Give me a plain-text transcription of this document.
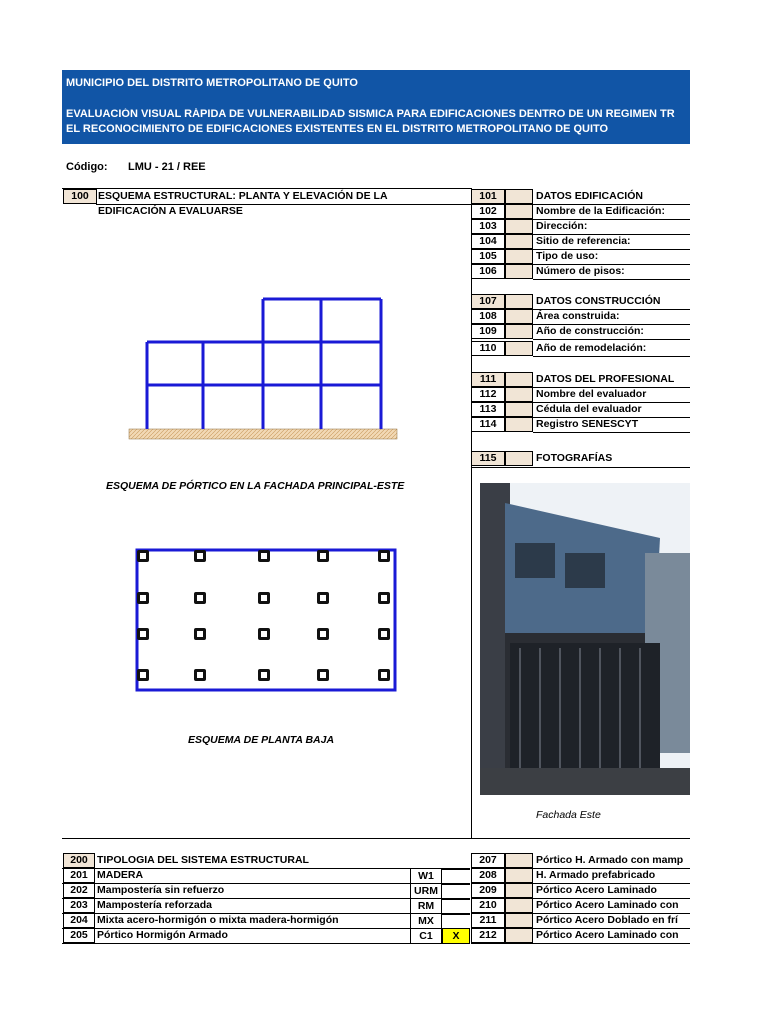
MUNICIPIO DEL DISTRITO METROPOLITANO DE QUITO
EVALUACIÓN VISUAL RÁPIDA DE VULNERABILIDAD SISMICA PARA EDIFICACIONES DENTRO DE UN REGIMEN TR
EL RECONOCIMIENTO DE EDIFICACIONES EXISTENTES EN EL DISTRITO METROPOLITANO DE QUITO
Código: LMU - 21 / REE
100 ESQUEMA ESTRUCTURAL: PLANTA Y ELEVACIÓN DE LA
EDIFICACIÓN A EVALUARSE
ESQUEMA DE PÓRTICO EN LA FACHADA PRINCIPAL-ESTE
ESQUEMA DE PLANTA BAJA
101	DATOS EDIFICACIÓN
102	Nombre de la Edificación:
103	Dirección:
104	Sitio de referencia:
105	Tipo de uso:
106	Número de pisos:
107	DATOS CONSTRUCCIÓN
108	Área construida:
109	Año de construcción:
110	Año de remodelación:
111	DATOS DEL PROFESIONAL
112	Nombre del evaluador
113	Cédula del evaluador
114	Registro SENESCYT
115	FOTOGRAFÍAS
Fachada Este
200 TIPOLOGIA DEL SISTEMA ESTRUCTURAL
201 MADERA	W1
202 Mampostería sin refuerzo	URM
203 Mampostería reforzada	RM
204 Mixta acero-hormigón o mixta madera-hormigón	MX
205 Pórtico Hormigón Armado	C1	X
207	Pórtico H. Armado con mamp
208	H. Armado prefabricado
209	Pórtico Acero Laminado
210	Pórtico Acero Laminado con
211	Pórtico Acero Doblado en frí
212	Pórtico Acero Laminado con
